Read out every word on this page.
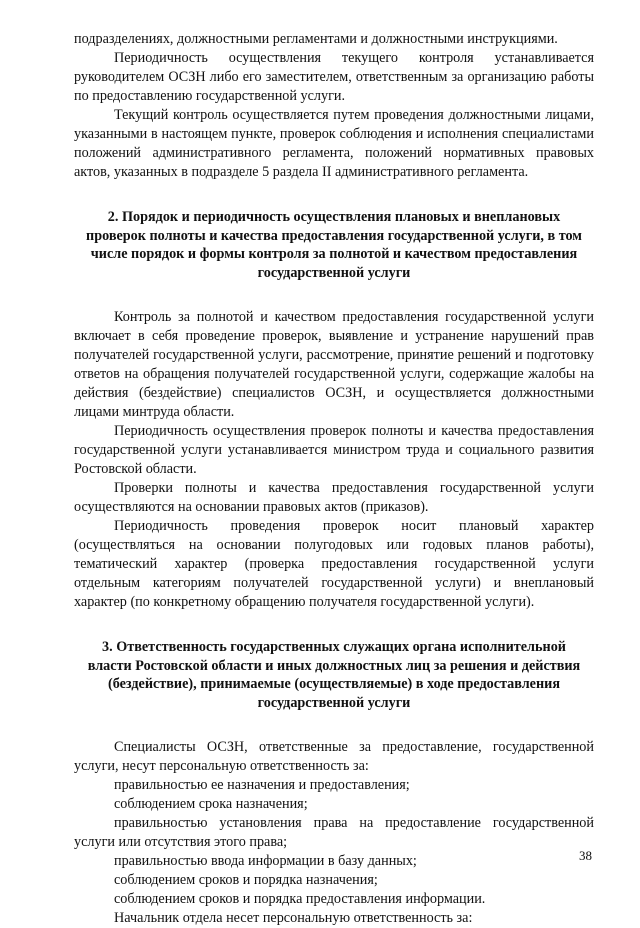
подразделениях, должностными регламентами и должностными инструкциями.

Периодичность осуществления текущего контроля устанавливается руководителем ОСЗН либо его заместителем, ответственным за организацию работы по предоставлению государственной услуги.

Текущий контроль осуществляется путем проведения должностными лицами, указанными в настоящем пункте, проверок соблюдения и исполнения специалистами положений административного регламента, положений нормативных правовых актов, указанных в подразделе 5 раздела II административного регламента.

2. Порядок и периодичность осуществления плановых и внеплановых проверок полноты и качества предоставления государственной услуги, в том числе порядок и формы контроля за полнотой и качеством предоставления государственной услуги

Контроль за полнотой и качеством предоставления государственной услуги включает в себя проведение проверок, выявление и устранение нарушений прав получателей государственной услуги, рассмотрение, принятие решений и подготовку ответов на обращения получателей государственной услуги, содержащие жалобы на действия (бездействие) специалистов ОСЗН, и осуществляется должностными лицами минтруда области.

Периодичность осуществления проверок полноты и качества предоставления государственной услуги устанавливается министром труда и социального развития Ростовской области.

Проверки полноты и качества предоставления государственной услуги осуществляются на основании правовых актов (приказов).

Периодичность проведения проверок носит плановый характер (осуществляться на основании полугодовых или годовых планов работы), тематический характер (проверка предоставления государственной услуги отдельным категориям получателей государственной услуги) и внеплановый характер (по конкретному обращению получателя государственной услуги).

3. Ответственность государственных служащих органа исполнительной власти Ростовской области и иных должностных лиц за решения и действия (бездействие), принимаемые (осуществляемые) в ходе предоставления государственной услуги

Специалисты ОСЗН, ответственные за предоставление, государственной услуги, несут персональную ответственность за:

правильностью ее назначения и предоставления;

соблюдением срока назначения;

правильностью установления права на предоставление государственной услуги или отсутствия этого права;

правильностью ввода информации в базу данных;

соблюдением сроков и порядка назначения;

соблюдением сроков и порядка предоставления информации.

Начальник отдела несет персональную ответственность за:

38
